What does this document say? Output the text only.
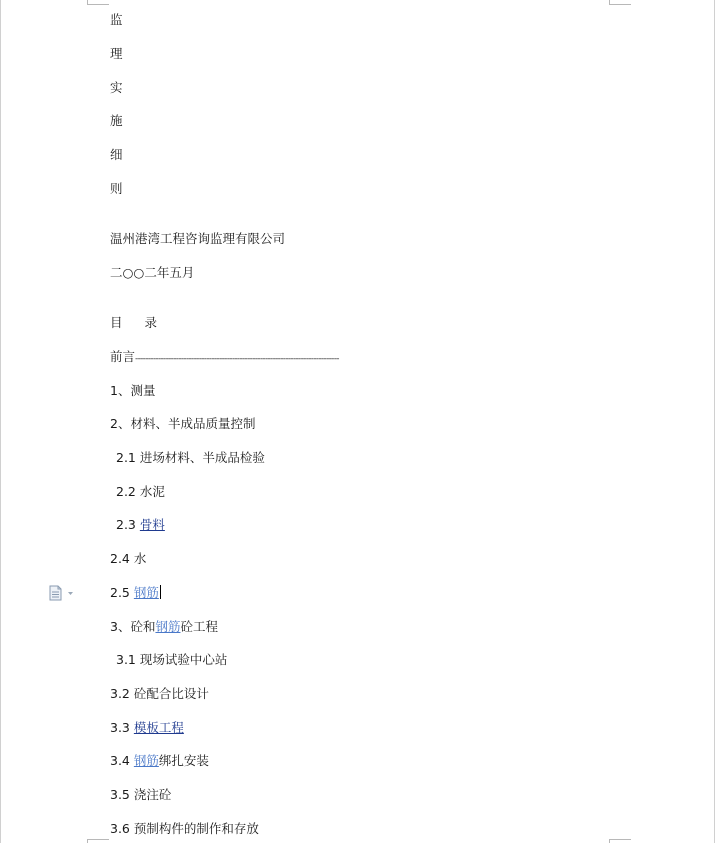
监
理
实
施
细
则
温州港湾工程咨询监理有限公司
二○○二年五月
目 录
前言--------------------------------------------------------------------------------
1、测量
2、材料、半成品质量控制
2.1 进场材料、半成品检验
2.2 水泥
2.3 骨料
2.4 水
2.5 钢筋
3、砼和钢筋砼工程
3.1 现场试验中心站
3.2 砼配合比设计
3.3 模板工程
3.4 钢筋绑扎安装
3.5 浇注砼
3.6 预制构件的制作和存放
